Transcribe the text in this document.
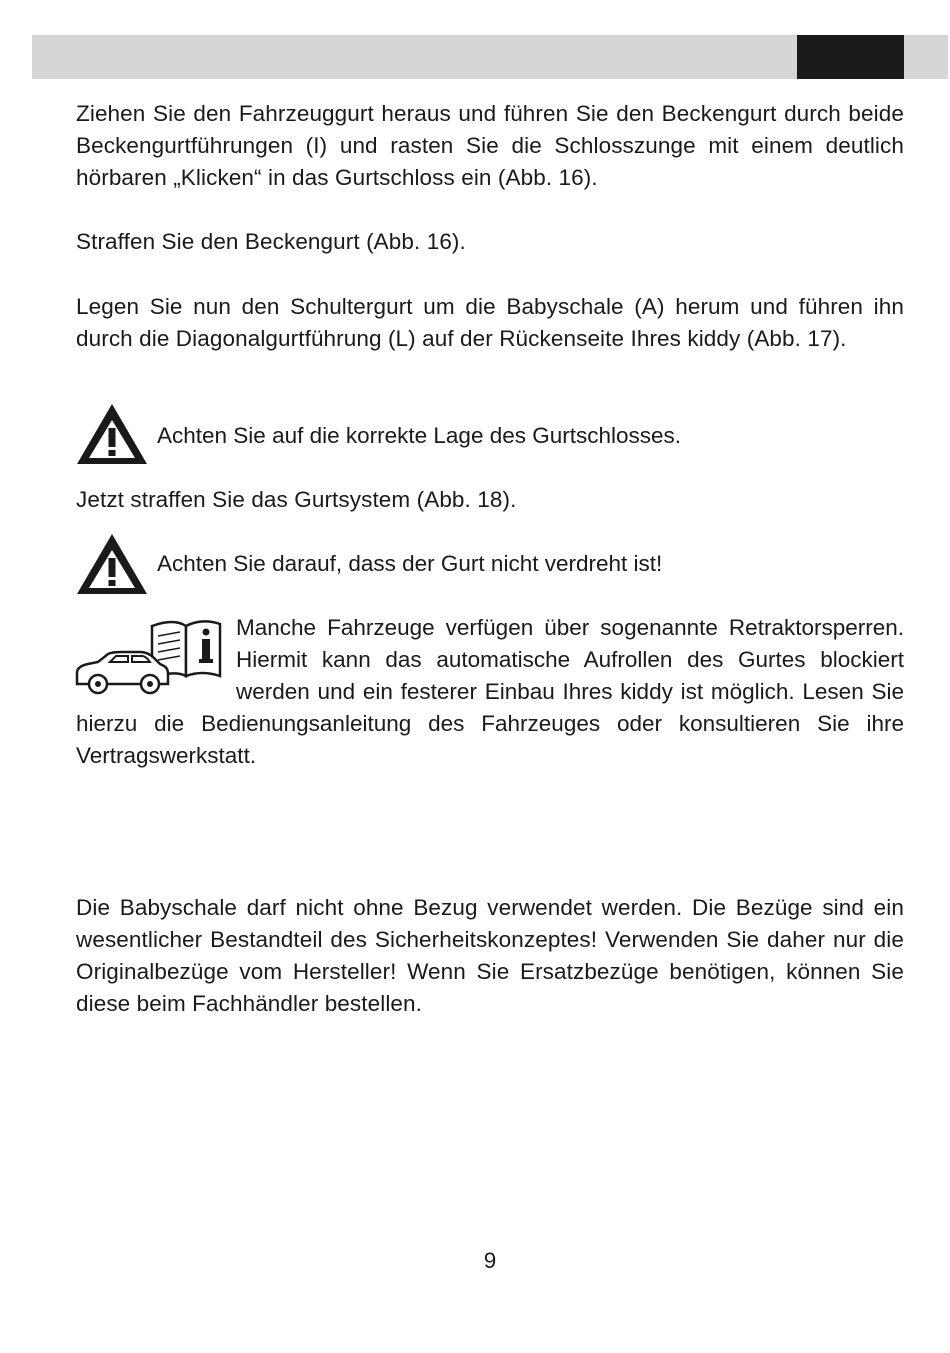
Ziehen Sie den Fahrzeuggurt heraus und führen Sie den Beckengurt durch beide Beckengurtführungen (I) und rasten Sie die Schlosszunge mit einem deutlich hörbaren „Klicken“ in das Gurtschloss ein (Abb. 16).

Straffen Sie den Beckengurt (Abb. 16).

Legen Sie nun den Schultergurt um die Babyschale (A) herum und führen ihn durch die Diagonalgurtführung (L) auf der Rückenseite Ihres kiddy (Abb. 17).

Achten Sie auf die korrekte Lage des Gurtschlosses.

Jetzt straffen Sie das Gurtsystem (Abb. 18).

Achten Sie darauf, dass der Gurt nicht verdreht ist!

Manche Fahrzeuge verfügen über sogenannte Retraktorsperren. Hiermit kann das automatische Aufrollen des Gurtes blockiert werden und ein festerer Einbau Ihres kiddy ist möglich. Lesen Sie hierzu die Bedienungsanleitung des Fahrzeuges oder konsultieren Sie ihre Vertragswerkstatt.

Die Babyschale darf nicht ohne Bezug verwendet werden. Die Bezüge sind ein wesentlicher Bestandteil des Sicherheitskonzeptes! Verwenden Sie daher nur die Originalbezüge vom Hersteller! Wenn Sie Ersatzbezüge benötigen, können Sie diese beim Fachhändler bestellen.

9
